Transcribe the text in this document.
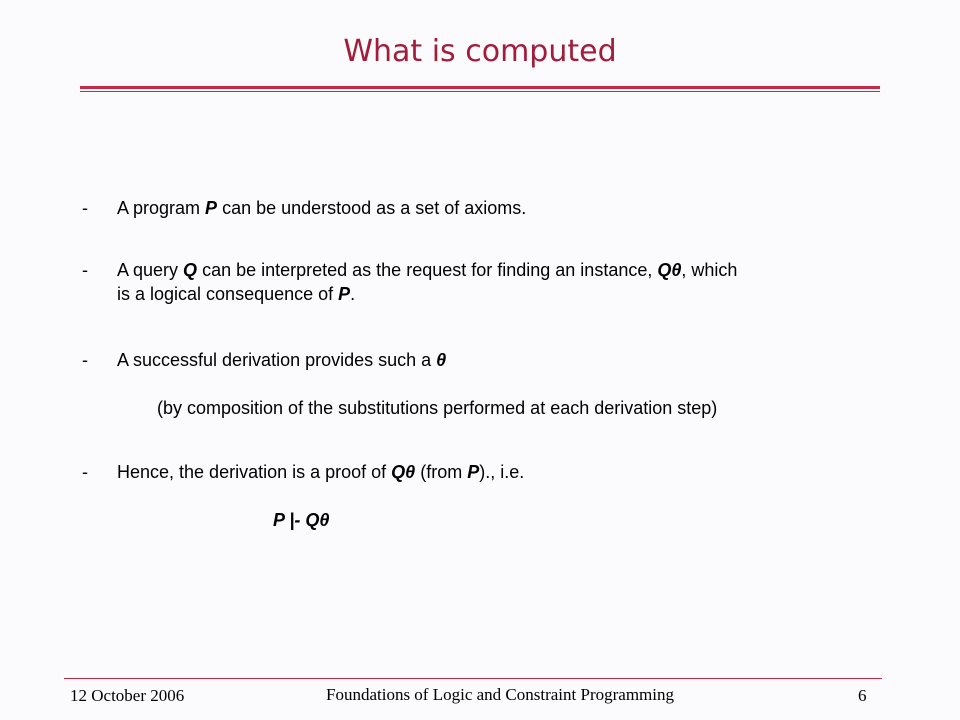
What is computed
- A program P can be understood as a set of axioms.
- A query Q can be interpreted as the request for finding an instance, Qθ, which
is a logical consequence of P.
- A successful derivation provides such a θ
(by composition of the substitutions performed at each derivation step)
- Hence, the derivation is a proof of Qθ (from P)., i.e.
P |- Qθ
12 October 2006	Foundations of Logic and Constraint Programming	6
